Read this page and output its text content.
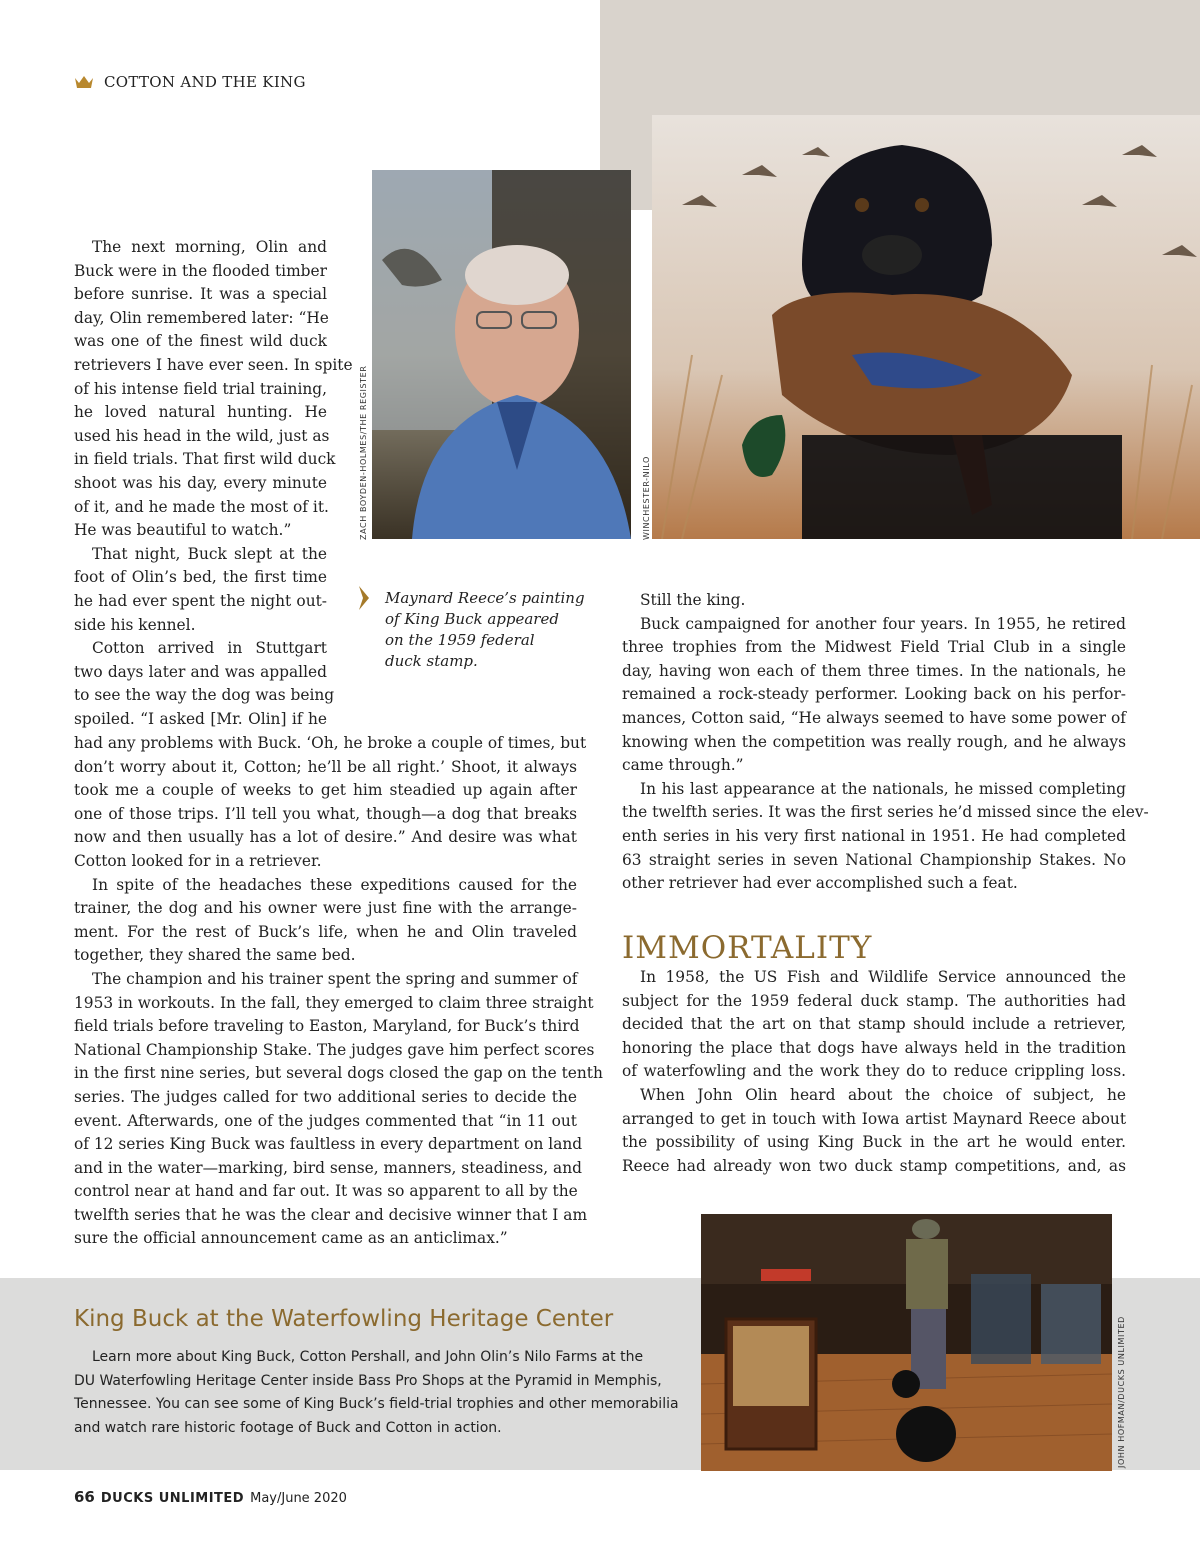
COTTON AND THE KING
The next morning, Olin and
Buck were in the flooded timber
before sunrise. It was a special
day, Olin remembered later: “He
was one of the finest wild duck
retrievers I have ever seen. In spite
of his intense field trial training,
he loved natural hunting. He
used his head in the wild, just as
in field trials. That first wild duck
shoot was his day, every minute
of it, and he made the most of it.
He was beautiful to watch.”
That night, Buck slept at the
foot of Olin’s bed, the first time
he had ever spent the night out-
side his kennel.
Cotton arrived in Stuttgart
two days later and was appalled
to see the way the dog was being
spoiled. “I asked [Mr. Olin] if he
had any problems with Buck. ‘Oh, he broke a couple of times, but
don’t worry about it, Cotton; he’ll be all right.’ Shoot, it always
took me a couple of weeks to get him steadied up again after
one of those trips. I’ll tell you what, though—a dog that breaks
now and then usually has a lot of desire.” And desire was what
Cotton looked for in a retriever.
In spite of the headaches these expeditions caused for the
trainer, the dog and his owner were just fine with the arrange-
ment. For the rest of Buck’s life, when he and Olin traveled
together, they shared the same bed.
The champion and his trainer spent the spring and summer of
1953 in workouts. In the fall, they emerged to claim three straight
field trials before traveling to Easton, Maryland, for Buck’s third
National Championship Stake. The judges gave him perfect scores
in the first nine series, but several dogs closed the gap on the tenth
series. The judges called for two additional series to decide the
event. Afterwards, one of the judges commented that “in 11 out
of 12 series King Buck was faultless in every department on land
and in the water—marking, bird sense, manners, steadiness, and
control near at hand and far out. It was so apparent to all by the
twelfth series that he was the clear and decisive winner that I am
sure the official announcement came as an anticlimax.”
ZACH BOYDEN-HOLMES/THE REGISTER	WINCHESTER-NILO
Maynard Reece’s painting
of King Buck appeared
on the 1959 federal
duck stamp.
Still the king.
Buck campaigned for another four years. In 1955, he retired
three trophies from the Midwest Field Trial Club in a single
day, having won each of them three times. In the nationals, he
remained a rock-steady performer. Looking back on his perfor-
mances, Cotton said, “He always seemed to have some power of
knowing when the competition was really rough, and he always
came through.”
In his last appearance at the nationals, he missed completing
the twelfth series. It was the first series he’d missed since the elev-
enth series in his very first national in 1951. He had completed
63 straight series in seven National Championship Stakes. No
other retriever had ever accomplished such a feat.
IMMORTALITY
In 1958, the US Fish and Wildlife Service announced the
subject for the 1959 federal duck stamp. The authorities had
decided that the art on that stamp should include a retriever,
honoring the place that dogs have always held in the tradition
of waterfowling and the work they do to reduce crippling loss.
When John Olin heard about the choice of subject, he
arranged to get in touch with Iowa artist Maynard Reece about
the possibility of using King Buck in the art he would enter.
Reece had already won two duck stamp competitions, and, as
King Buck at the Waterfowling Heritage Center
Learn more about King Buck, Cotton Pershall, and John Olin’s Nilo Farms at the
DU Waterfowling Heritage Center inside Bass Pro Shops at the Pyramid in Memphis,
Tennessee. You can see some of King Buck’s field-trial trophies and other memorabilia
and watch rare historic footage of Buck and Cotton in action.	JOHN HOFMAN/DUCKS UNLIMITED
66 DUCKS UNLIMITED May/June 2020
